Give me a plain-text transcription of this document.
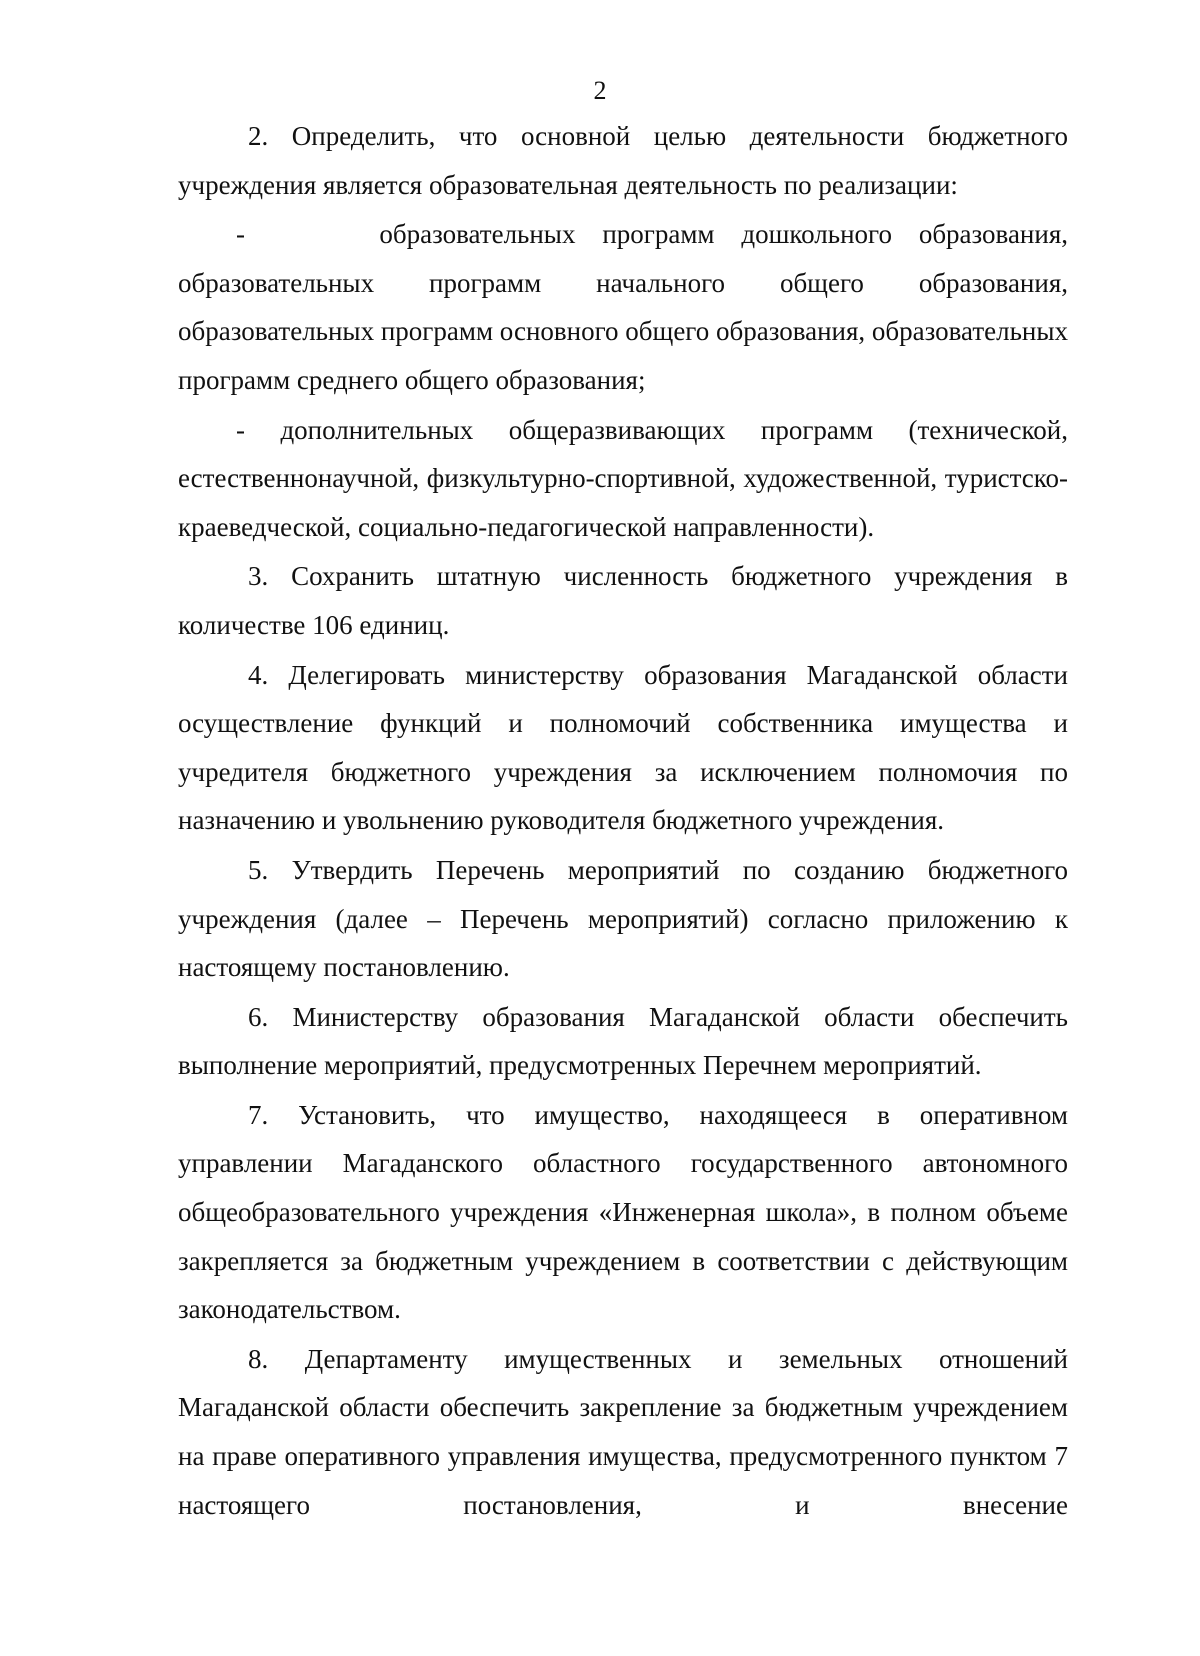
2

2. Определить, что основной целью деятельности бюджетного учреждения является образовательная деятельность по реализации:

-     образовательных программ дошкольного образования, образовательных программ начального общего образования, образовательных программ основного общего образования, образовательных программ среднего общего образования;

- дополнительных общеразвивающих программ (технической, естественнонаучной, физкультурно-спортивной, художественной, туристско-краеведческой, социально-педагогической направленности).

3. Сохранить штатную численность бюджетного учреждения в количестве 106 единиц.

4. Делегировать министерству образования Магаданской области осуществление функций и полномочий собственника имущества и учредителя бюджетного учреждения за исключением полномочия по назначению и увольнению руководителя бюджетного учреждения.

5. Утвердить Перечень мероприятий по созданию бюджетного учреждения (далее – Перечень мероприятий) согласно приложению к настоящему постановлению.

6. Министерству образования Магаданской области обеспечить выполнение мероприятий, предусмотренных Перечнем мероприятий.

7. Установить, что имущество, находящееся в оперативном управлении Магаданского областного государственного автономного общеобразовательного учреждения «Инженерная школа», в полном объеме закрепляется за бюджетным учреждением в соответствии с действующим законодательством.

8. Департаменту имущественных и земельных отношений Магаданской области обеспечить закрепление за бюджетным учреждением на праве оперативного управления имущества, предусмотренного пунктом 7 настоящего постановления, и внесение
